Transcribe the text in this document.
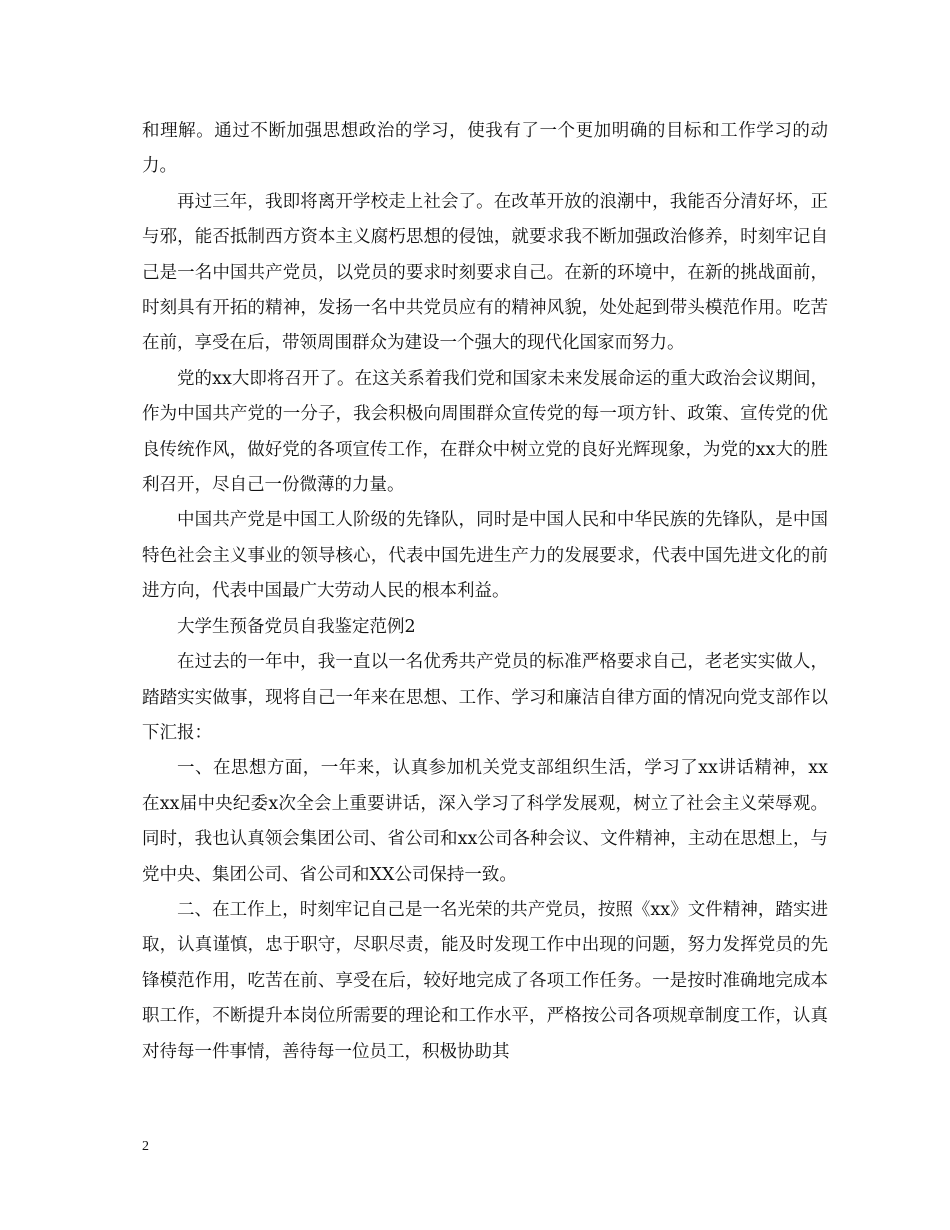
和理解。通过不断加强思想政治的学习，使我有了一个更加明确的目标和工作学习的动力。

再过三年，我即将离开学校走上社会了。在改革开放的浪潮中，我能否分清好坏，正与邪，能否抵制西方资本主义腐朽思想的侵蚀，就要求我不断加强政治修养，时刻牢记自己是一名中国共产党员，以党员的要求时刻要求自己。在新的环境中，在新的挑战面前，时刻具有开拓的精神，发扬一名中共党员应有的精神风貌，处处起到带头模范作用。吃苦在前，享受在后，带领周围群众为建设一个强大的现代化国家而努力。

党的xx大即将召开了。在这关系着我们党和国家未来发展命运的重大政治会议期间，作为中国共产党的一分子，我会积极向周围群众宣传党的每一项方针、政策、宣传党的优良传统作风，做好党的各项宣传工作，在群众中树立党的良好光辉现象，为党的xx大的胜利召开，尽自己一份微薄的力量。

中国共产党是中国工人阶级的先锋队，同时是中国人民和中华民族的先锋队，是中国特色社会主义事业的领导核心，代表中国先进生产力的发展要求，代表中国先进文化的前进方向，代表中国最广大劳动人民的根本利益。

大学生预备党员自我鉴定范例2

在过去的一年中，我一直以一名优秀共产党员的标准严格要求自己，老老实实做人，踏踏实实做事，现将自己一年来在思想、工作、学习和廉洁自律方面的情况向党支部作以下汇报：

一、在思想方面，一年来，认真参加机关党支部组织生活，学习了xx讲话精神，xx在xx届中央纪委x次全会上重要讲话，深入学习了科学发展观，树立了社会主义荣辱观。同时，我也认真领会集团公司、省公司和xx公司各种会议、文件精神，主动在思想上，与党中央、集团公司、省公司和XX公司保持一致。

二、在工作上，时刻牢记自己是一名光荣的共产党员，按照《xx》文件精神，踏实进取，认真谨慎，忠于职守，尽职尽责，能及时发现工作中出现的问题，努力发挥党员的先锋模范作用，吃苦在前、享受在后，较好地完成了各项工作任务。一是按时准确地完成本职工作，不断提升本岗位所需要的理论和工作水平，严格按公司各项规章制度工作，认真对待每一件事情，善待每一位员工，积极协助其

2
